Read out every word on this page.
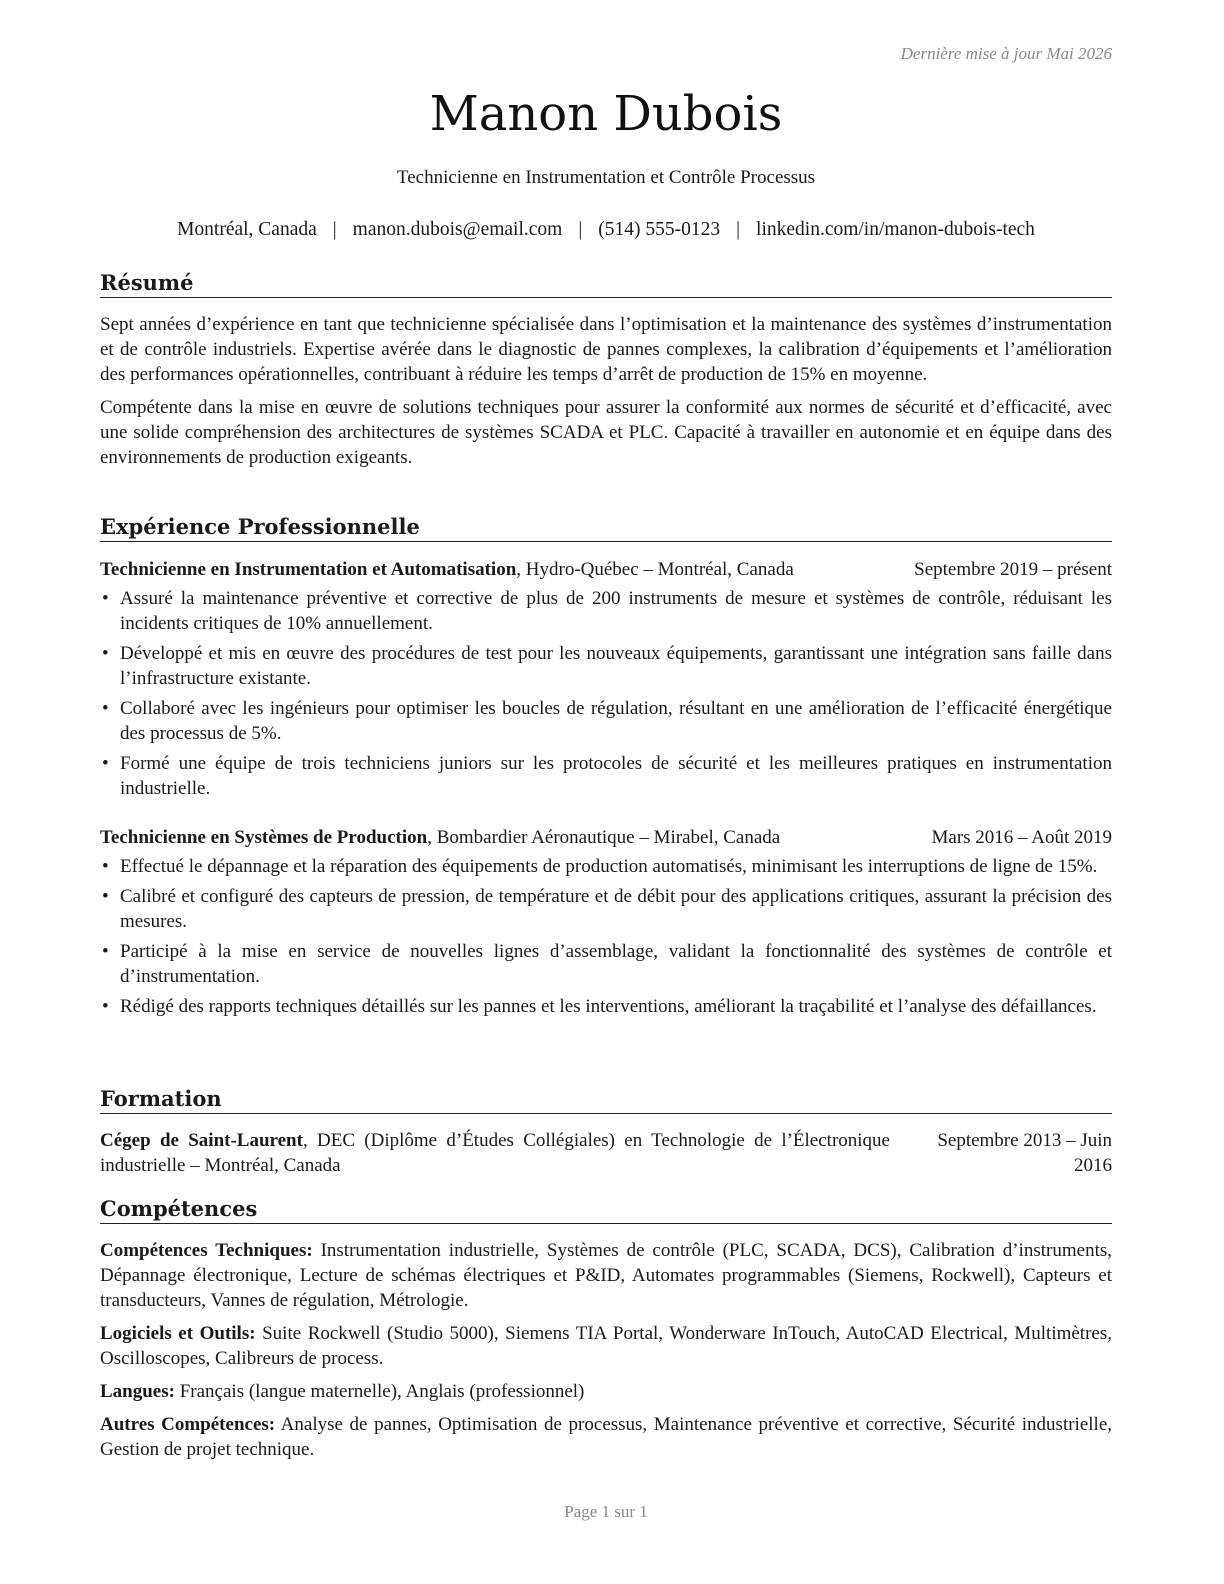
Dernière mise à jour Mai 2026
Manon Dubois
Technicienne en Instrumentation et Contrôle Processus
Montréal, Canada | manon.dubois@email.com | (514) 555-0123 | linkedin.com/in/manon-dubois-tech
Résumé

Sept années d’expérience en tant que technicienne spécialisée dans l’optimisation et la maintenance des systèmes d’instrumentation et de contrôle industriels. Expertise avérée dans le diagnostic de pannes complexes, la calibration d’équipements et l’amélioration des performances opérationnelles, contribuant à réduire les temps d’arrêt de production de 15% en moyenne.

Compétente dans la mise en œuvre de solutions techniques pour assurer la conformité aux normes de sécurité et d’efficacité, avec une solide compréhension des architectures de systèmes SCADA et PLC. Capacité à travailler en autonomie et en équipe dans des environnements de production exigeants.

Expérience Professionnelle
Technicienne en Instrumentation et Automatisation, Hydro-Québec – Montréal, Canada	Septembre 2019 – présent
• Assuré la maintenance préventive et corrective de plus de 200 instruments de mesure et systèmes de contrôle, réduisant les incidents critiques de 10% annuellement.
• Développé et mis en œuvre des procédures de test pour les nouveaux équipements, garantissant une intégration sans faille dans l’infrastructure existante.
• Collaboré avec les ingénieurs pour optimiser les boucles de régulation, résultant en une amélioration de l’efficacité énergétique des processus de 5%.
• Formé une équipe de trois techniciens juniors sur les protocoles de sécurité et les meilleures pratiques en instrumentation industrielle.
Technicienne en Systèmes de Production, Bombardier Aéronautique – Mirabel, Canada	Mars 2016 – Août 2019
• Effectué le dépannage et la réparation des équipements de production automatisés, minimisant les interruptions de ligne de 15%.
• Calibré et configuré des capteurs de pression, de température et de débit pour des applications critiques, assurant la précision des mesures.
• Participé à la mise en service de nouvelles lignes d’assemblage, validant la fonctionnalité des systèmes de contrôle et d’instrumentation.
• Rédigé des rapports techniques détaillés sur les pannes et les interventions, améliorant la traçabilité et l’analyse des défaillances.
Formation
Cégep de Saint-Laurent, DEC (Diplôme d’Études Collégiales) en Technologie de l’Électronique industrielle – Montréal, Canada
Septembre 2013 – Juin
2016
Compétences

Compétences Techniques: Instrumentation industrielle, Systèmes de contrôle (PLC, SCADA, DCS), Calibration d’instruments, Dépannage électronique, Lecture de schémas électriques et P&ID, Automates programmables (Siemens, Rockwell), Capteurs et transducteurs, Vannes de régulation, Métrologie.

Logiciels et Outils: Suite Rockwell (Studio 5000), Siemens TIA Portal, Wonderware InTouch, AutoCAD Electrical, Multimètres, Oscilloscopes, Calibreurs de process.

Langues: Français (langue maternelle), Anglais (professionnel)

Autres Compétences: Analyse de pannes, Optimisation de processus, Maintenance préventive et corrective, Sécurité industrielle, Gestion de projet technique.

Page 1 sur 1
